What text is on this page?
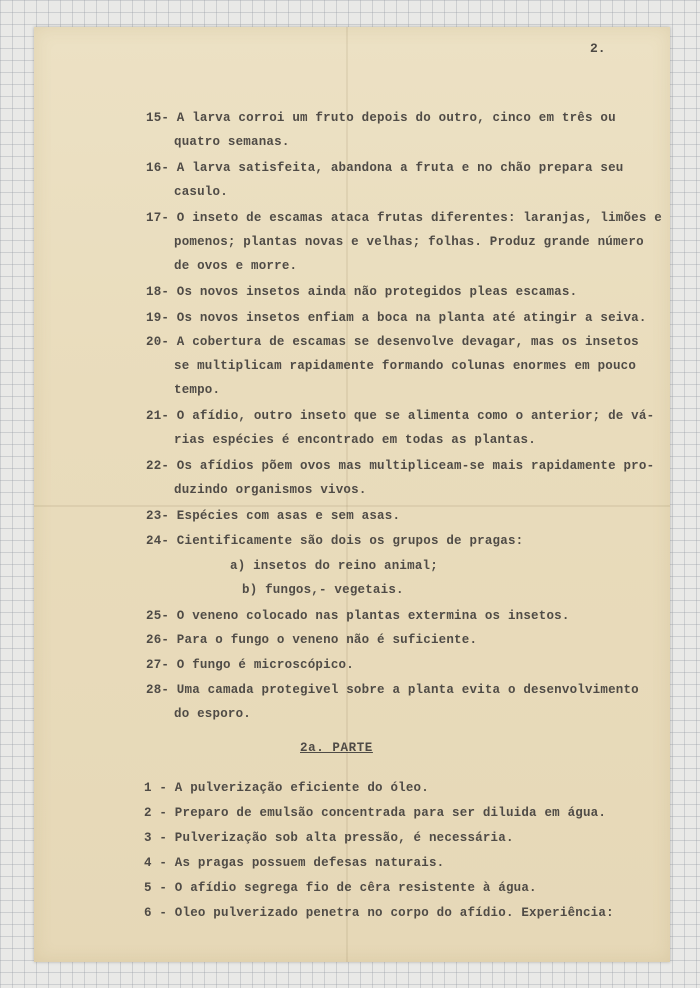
2.
15- A larva corroi um fruto depois do outro, cinco em três ou
quatro semanas.
16- A larva satisfeita, abandona a fruta e no chão prepara seu
casulo.
17- O inseto de escamas ataca frutas diferentes: laranjas, limões e
pomenos; plantas novas e velhas; folhas. Produz grande número
de ovos e morre.
18- Os novos insetos ainda não protegidos pleas escamas.
19- Os novos insetos enfiam a boca na planta até atingir a seiva.
20- A cobertura de escamas se desenvolve devagar, mas os insetos
se multiplicam rapidamente formando colunas enormes em pouco
tempo.
21- O afídio, outro inseto que se alimenta como o anterior; de vá-
rias espécies é encontrado em todas as plantas.
22- Os afídios põem ovos mas multipliceam-se mais rapidamente pro-
duzindo organismos vivos.
23- Espécies com asas e sem asas.
24- Cientificamente são dois os grupos de pragas:
a) insetos do reino animal;
b) fungos,- vegetais.
25- O veneno colocado nas plantas extermina os insetos.
26- Para o fungo o veneno não é suficiente.
27- O fungo é microscópico.
28- Uma camada protegivel sobre a planta evita o desenvolvimento
do esporo.
2a. PARTE
1 - A pulverização eficiente do óleo.
2 - Preparo de emulsão concentrada para ser diluida em água.
3 - Pulverização sob alta pressão, é necessária.
4 - As pragas possuem defesas naturais.
5 - O afídio segrega fio de cêra resistente à água.
6 - Oleo pulverizado penetra no corpo do afídio. Experiência:
